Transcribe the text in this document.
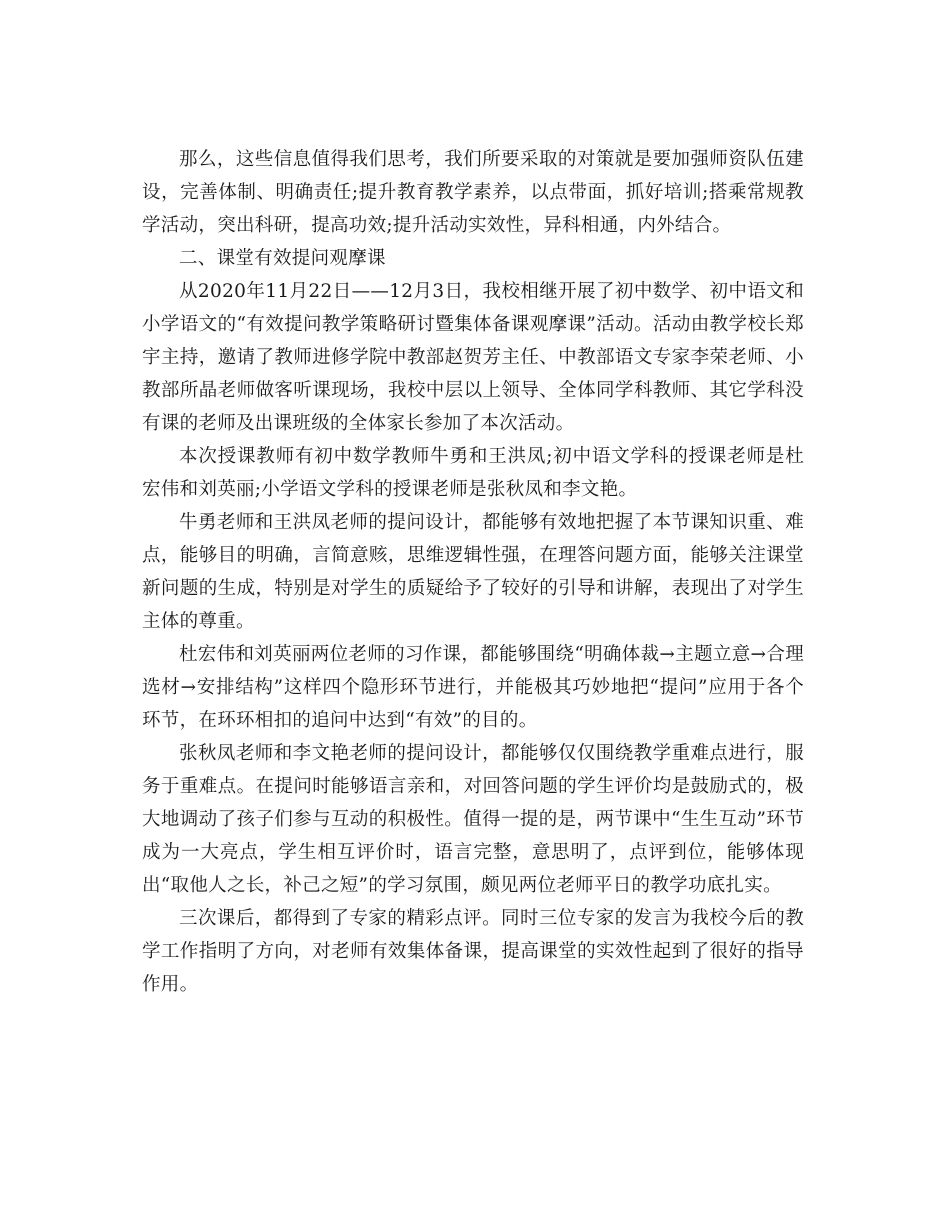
那么，这些信息值得我们思考，我们所要采取的对策就是要加强师资队伍建设，完善体制、明确责任;提升教育教学素养，以点带面，抓好培训;搭乘常规教学活动，突出科研，提高功效;提升活动实效性，异科相通，内外结合。

二、课堂有效提问观摩课

从2020年11月22日——12月3日，我校相继开展了初中数学、初中语文和小学语文的“有效提问教学策略研讨暨集体备课观摩课”活动。活动由教学校长郑宇主持，邀请了教师进修学院中教部赵贺芳主任、中教部语文专家李荣老师、小教部所晶老师做客听课现场，我校中层以上领导、全体同学科教师、其它学科没有课的老师及出课班级的全体家长参加了本次活动。

本次授课教师有初中数学教师牛勇和王洪凤;初中语文学科的授课老师是杜宏伟和刘英丽;小学语文学科的授课老师是张秋凤和李文艳。

牛勇老师和王洪凤老师的提问设计，都能够有效地把握了本节课知识重、难点，能够目的明确，言简意赅，思维逻辑性强，在理答问题方面，能够关注课堂新问题的生成，特别是对学生的质疑给予了较好的引导和讲解，表现出了对学生主体的尊重。

杜宏伟和刘英丽两位老师的习作课，都能够围绕“明确体裁→主题立意→合理选材→安排结构”这样四个隐形环节进行，并能极其巧妙地把“提问”应用于各个环节，在环环相扣的追问中达到“有效”的目的。

张秋凤老师和李文艳老师的提问设计，都能够仅仅围绕教学重难点进行，服务于重难点。在提问时能够语言亲和，对回答问题的学生评价均是鼓励式的，极大地调动了孩子们参与互动的积极性。值得一提的是，两节课中“生生互动”环节成为一大亮点，学生相互评价时，语言完整，意思明了，点评到位，能够体现出“取他人之长，补己之短”的学习氛围，颇见两位老师平日的教学功底扎实。

三次课后，都得到了专家的精彩点评。同时三位专家的发言为我校今后的教学工作指明了方向，对老师有效集体备课，提高课堂的实效性起到了很好的指导作用。
